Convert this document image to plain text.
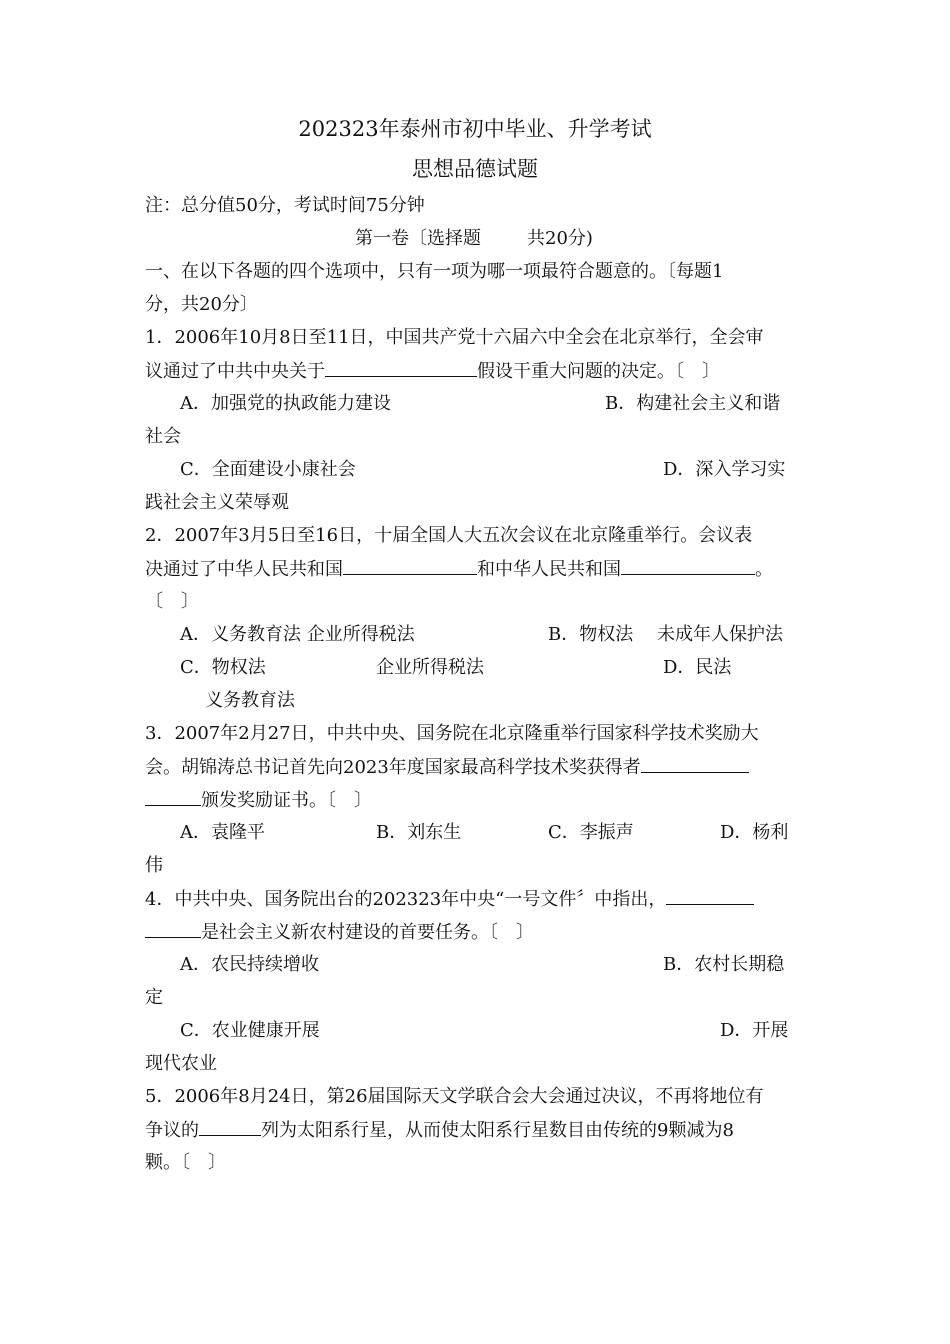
202323年泰州市初中毕业、升学考试
思想品德试题
注：总分值50分，考试时间75分钟
第一卷〔选择题	共20分)
一、在以下各题的四个选项中，只有一项为哪一项最符合题意的。〔每题1
分，共20分〕
1．2006年10月8日至11日，中国共产党十六届六中全会在北京举行，全会审
议通过了中共中央关于	假设干重大问题的决定。〔　〕
A．加强党的执政能力建设	B．构建社会主义和谐
社会
C．全面建设小康社会	D．深入学习实
践社会主义荣辱观
2．2007年3月5日至16日，十届全国人大五次会议在北京隆重举行。会议表
决通过了中华人民共和国	和中华人民共和国	。
〔　〕
A．义务教育法 企业所得税法	B．物权法　 未成年人保护法
C．物权法	企业所得税法	D．民法
义务教育法
3．2007年2月27日，中共中央、国务院在北京隆重举行国家科学技术奖励大
会。胡锦涛总书记首先向2023年度国家最高科学技术奖获得者
颁发奖励证书。〔　〕
A．袁隆平	B．刘东生	C．李振声	D．杨利
伟
4．中共中央、国务院出台的202323年中央“一号文件〞中指出，
是社会主义新农村建设的首要任务。〔　〕
A．农民持续增收	B．农村长期稳
定
C．农业健康开展	D．开展
现代农业
5．2006年8月24日，第26届国际天文学联合会大会通过决议，不再将地位有
争议的	列为太阳系行星，从而使太阳系行星数目由传统的9颗减为8
颗。〔　〕
